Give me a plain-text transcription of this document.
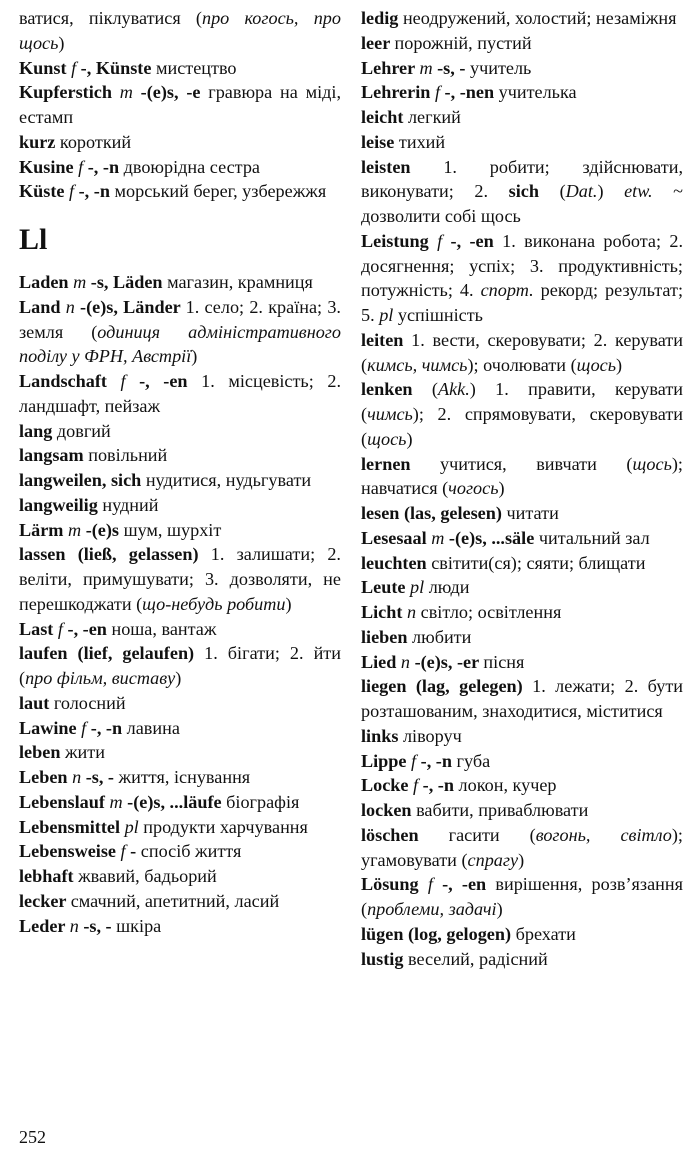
ватися, піклуватися (про когось, про щось)
Kunst f -, Künste мистецтво
Kupferstich m -(e)s, -e гравюра на міді, естамп
kurz короткий
Kusine f -, -n двоюрідна сестра
Küste f -, -n морський берег, узбережжя
Ll
Laden m -s, Läden магазин, крамниця
Land n -(e)s, Länder 1. село; 2. країна; 3. земля (одиниця адміністративного поділу у ФРН, Австрії)
Landschaft f -, -en 1. місцевість; 2. ландшафт, пейзаж
lang довгий
langsam повільний
langweilen, sich нудитися, нудьгувати
langweilig нудний
Lärm m -(e)s шум, шурхіт
lassen (ließ, gelassen) 1. залишати; 2. веліти, примушувати; 3. дозволяти, не перешкоджати (що-небудь робити)
Last f -, -en ноша, вантаж
laufen (lief, gelaufen) 1. бігати; 2. йти (про фільм, виставу)
laut голосний
Lawine f -, -n лавина
leben жити
Leben n -s, - життя, існування
Lebenslauf m -(e)s, ...läufe біографія
Lebensmittel pl продукти харчування
Lebensweise f - спосіб життя
lebhaft жвавий, бадьорий
lecker смачний, апетитний, ласий
Leder n -s, - шкіра
ledig неодружений, холостий; незаміжня
leer порожній, пустий
Lehrer m -s, - учитель
Lehrerin f -, -nen учителька
leicht легкий
leise тихий
leisten 1. робити; здійснювати, виконувати; 2. sich (Dat.) etw. ~ дозволити собі щось
Leistung f -, -en 1. виконана робота; 2. досягнення; успіх; 3. продуктивність; потужність; 4. спорт. рекорд; результат; 5. pl успішність
leiten 1. вести, скеровувати; 2. керувати (кимсь, чимсь); очолювати (щось)
lenken (Akk.) 1. правити, керувати (чимсь); 2. спрямовувати, скеровувати (щось)
lernen учитися, вивчати (щось); навчатися (чогось)
lesen (las, gelesen) читати
Lesesaal m -(e)s, ...säle читальний зал
leuchten світити(ся); сяяти; блищати
Leute pl люди
Licht n світло; освітлення
lieben любити
Lied n -(e)s, -er пісня
liegen (lag, gelegen) 1. лежати; 2. бути розташованим, знаходитися, міститися
links ліворуч
Lippe f -, -n губа
Locke f -, -n локон, кучер
locken вабити, приваблювати
löschen гасити (вогонь, світло); угамовувати (спрагу)
Lösung f -, -en вирішення, розв’язання (проблеми, задачі)
lügen (log, gelogen) брехати
lustig веселий, радісний
252
